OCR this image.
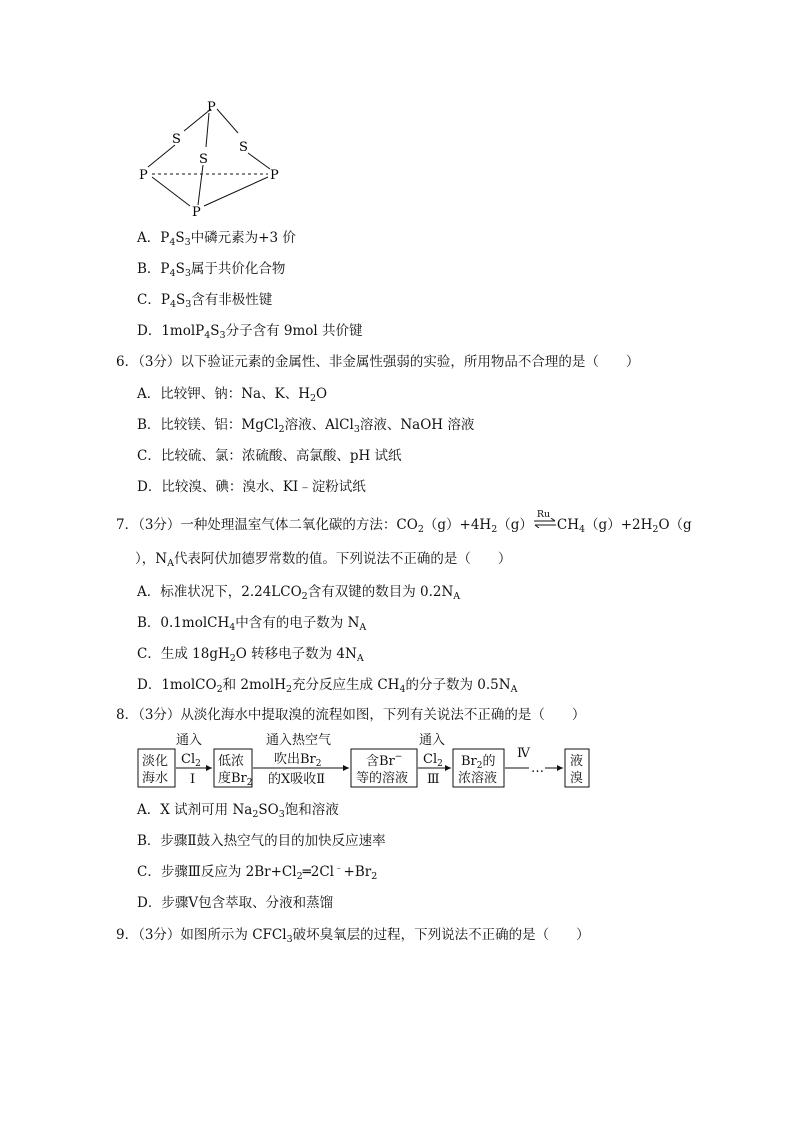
P
S
S
S
P	P
P
A．$P_4S_3$中磷元素为+3 价
B．$P_4S_3$属于共价化合物
C．$P_4S_3$含有非极性键
D．$1molP_4S_3$分子含有 9mol 共价键
6．（3分）以下验证元素的金属性、非金属性强弱的实验，所用物品不合理的是（　　）
A．比较钾、钠：Na、K、$H_2O$
B．比较镁、铝：MgCl$_2$溶液、AlCl$_3$溶液、NaOH 溶液
C．比较硫、氯：浓硫酸、高氯酸、pH 试纸
D．比较溴、碘：溴水、KI﹣淀粉试纸
7．（3分）一种处理温室气体二氧化碳的方法：$CO_2(g)+4H_2(g)$
Ru
$CH_4(g)+2H_2O(g$
），$N_A$代表阿伏加德罗常数的值。下列说法不正确的是（　　）
A．标准状况下，$2.24LCO_2$含有双键的数目为 $0.2N_A$
B．0.1molCH$_4$中含有的电子数为 $N_A$
C．生成 $18gH_2O$ 转移电子数为 $4N_A$
D．1molCO$_2$和 2molH$_2$充分反应生成 $CH_4$的分子数为 $0.5N_A$
8．（3分）从淡化海水中提取溴的流程如图，下列有关说法不正确的是（　　）
淡化
海水
通入
$Cl_2$
I
低浓
度$Br_2$
通入热空气
吹出$Br_2$
的X吸收Ⅱ
含Br−
等的溶液
通入
$Cl_2$
Ⅲ
$Br_2$的
浓溶液
Ⅳ
… 液
溴
A．X 试剂可用 $Na_2SO_3$饱和溶液
B．步骤Ⅱ鼓入热空气的目的加快反应速率
C．步骤Ⅲ反应为 $2Br+Cl_2═2Cl^﹣+Br_2$
D．步骤Ⅴ包含萃取、分液和蒸馏
9．（3分）如图所示为 CFCl$_3$破坏臭氧层的过程，下列说法不正确的是（　　）
